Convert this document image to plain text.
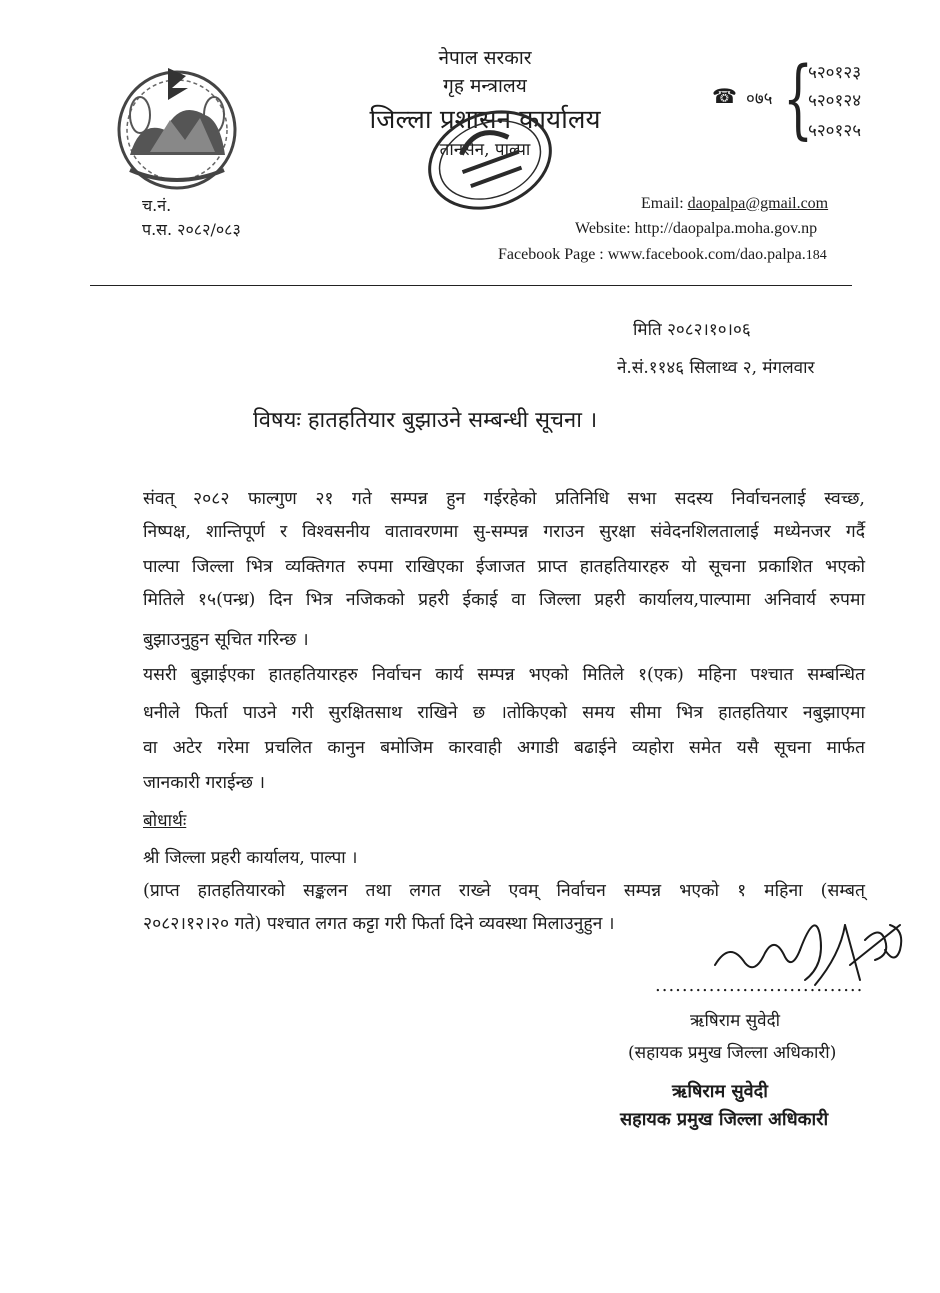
नेपाल सरकार
गृह मन्त्रालय
जिल्ला प्रशासन कार्यालय
तानसेन, पाल्पा
☎ ०७५ {
५२०१२३
५२०१२४
५२०१२५
च.नं.
प.स. २०८२/०८३
Email: daopalpa@gmail.com
Website: http://daopalpa.moha.gov.np
Facebook Page : www.facebook.com/dao.palpa.184
मिति २०८२।१०।०६
ने.सं.११४६ सिलाथ्व २, मंगलवार
विषयः हातहतियार बुझाउने सम्बन्धी सूचना ।
संवत् २०८२ फाल्गुण २१ गते सम्पन्न हुन गईरहेको प्रतिनिधि सभा सदस्य निर्वाचनलाई स्वच्छ,
निष्पक्ष, शान्तिपूर्ण र विश्वसनीय वातावरणमा सु-सम्पन्न गराउन सुरक्षा संवेदनशिलतालाई मध्येनजर गर्दै
पाल्पा जिल्ला भित्र व्यक्तिगत रुपमा राखिएका ईजाजत प्राप्त हातहतियारहरु यो सूचना प्रकाशित भएको
मितिले १५(पन्ध्र) दिन भित्र नजिकको प्रहरी ईकाई वा जिल्ला प्रहरी कार्यालय,पाल्पामा अनिवार्य रुपमा
बुझाउनुहुन सूचित गरिन्छ ।
यसरी बुझाईएका हातहतियारहरु निर्वाचन कार्य सम्पन्न भएको मितिले १(एक) महिना पश्चात सम्बन्धित
धनीले फिर्ता पाउने गरी सुरक्षितसाथ राखिने छ ।तोकिएको समय सीमा भित्र हातहतियार नबुझाएमा
वा अटेर गरेमा प्रचलित कानुन बमोजिम कारवाही अगाडी बढाईने व्यहोरा समेत यसै सूचना मार्फत
जानकारी गराईन्छ ।
बोधार्थः
श्री जिल्ला प्रहरी कार्यालय, पाल्पा ।
(प्राप्त हातहतियारको सङ्कलन तथा लगत राख्ने एवम् निर्वाचन सम्पन्न भएको १ महिना (सम्बत्
२०८२।१२।२० गते) पश्चात लगत कट्टा गरी फिर्ता दिने व्यवस्था मिलाउनुहुन ।
...............................
ऋषिराम सुवेदी
(सहायक प्रमुख जिल्ला अधिकारी)
ऋषिराम सुवेदी
सहायक प्रमुख जिल्ला अधिकारी
